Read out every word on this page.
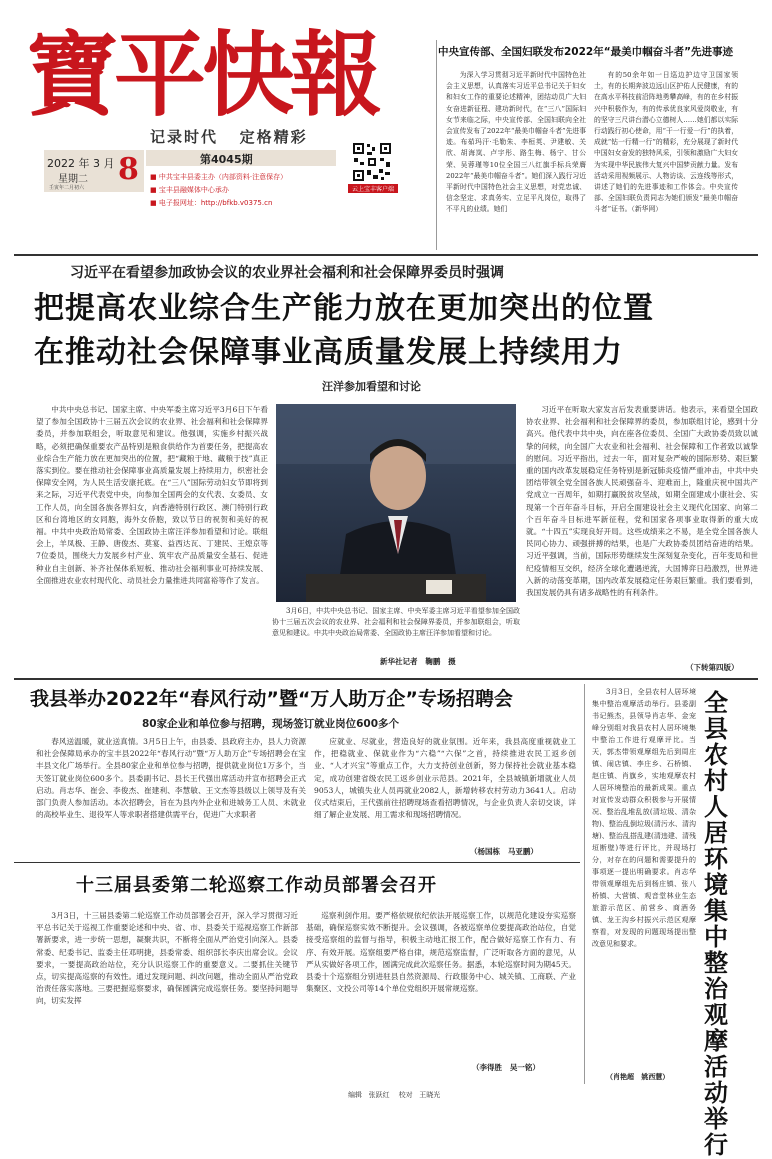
寶平快報
记录时代   定格精彩
2022 年 3 月
星期二
壬寅年二月初六
8	第4045期
■ 中共宝丰县委主办（内部资料·注意保存）
■ 宝丰县融媒体中心承办
■ 电子报网址：http://bfkb.v0375.cn
云上宝丰客户端
中央宣传部、全国妇联发布2022年“最美巾帼奋斗者”先进事迹

为深入学习贯彻习近平新时代中国特色社会主义思想，认真落实习近平总书记关于妇女和妇女工作的重要论述精神，团结动员广大妇女奋进新征程、建功新时代，在“三八”国际妇女节来临之际，中央宣传部、全国妇联向全社会宣传发布了2022年“最美巾帼奋斗者”先进事迹。布茹玛汗·毛勒朱、李桓英、尹建敏、关欣、胡海岚、卢宇彤、路生梅、杨宁、甘公荣、吴蓉瑾等10位全国三八红旗手标兵荣膺2022年“最美巾帼奋斗者”。她们深入践行习近平新时代中国特色社会主义思想，对党忠诚、信念坚定、求真务实、立足平凡岗位，取得了不平凡的业绩。她们

有的50余年如一日巡边护边守卫国家领土，有的长期奔波边远山区护佑人民健康，有的在高水平科技前沿阵地勇攀高峰，有的在乡村振兴中积极作为，有的传承优良家风爱岗敬业，有的坚守三尺讲台潜心立德树人……她们都以实际行动践行初心使命，用“干一行爱一行”的执着，成就“钻一行精一行”的精彩，充分展现了新时代中国妇女奋发的独特风采，引领和激励广大妇女为实现中华民族伟大复兴中国梦贡献力量。发布活动采用视频展示、人物访谈、云连线等形式，讲述了她们的先进事迹和工作体会。中央宣传部、全国妇联负责同志为她们颁发“最美巾帼奋斗者”证书。（新华网）

习近平在看望参加政协会议的农业界社会福利和社会保障界委员时强调
把提高农业综合生产能力放在更加突出的位置
在推动社会保障事业高质量发展上持续用力
汪洋参加看望和讨论

中共中央总书记、国家主席、中央军委主席习近平3月6日下午看望了参加全国政协十三届五次会议的农业界、社会福利和社会保障界委员，并参加联组会，听取意见和建议。他强调，实施乡村振兴战略，必须把确保重要农产品特别是粮食供给作为首要任务，把提高农业综合生产能力放在更加突出的位置，把“藏粮于地、藏粮于技”真正落实到位。要在推动社会保障事业高质量发展上持续用力，织密社会保障安全网，为人民生活安康托底。在“三八”国际劳动妇女节即将到来之际，习近平代表党中央，向参加全国两会的女代表、女委员、女工作人员，向全国各族各界妇女，向香港特别行政区、澳门特别行政区和台湾地区的女同胞，海外女侨胞，致以节日的祝贺和美好的祝福。中共中央政治局常委、全国政协主席汪洋参加看望和讨论。联组会上，羊凤极、王静、唐俊杰、莫宴、益西达瓦、丁建民、王煌京等7位委员，围绕大力发展乡村产业、筑牢农产品质量安全基石、促进种业自主创新、补齐社保体系短板、推动社会福利事业可持续发展、全面推进农业农村现代化、动员社会力量推进共同富裕等作了发言。

3月6日，中共中央总书记、国家主席、中央军委主席习近平看望参加全国政协十三届五次会议的农业界、社会福利和社会保障界委员，并参加联组会，听取意见和建议。中共中央政治局常委、全国政协主席汪洋参加看望和讨论。

新华社记者   鞠鹏   摄

习近平在听取大家发言后发表重要讲话。他表示，来看望全国政协农业界、社会福利和社会保障界的委员，参加联组讨论，感到十分高兴。他代表中共中央，向在座各位委员、全国广大政协委员致以诚挚的问候，向全国广大农业和社会福利、社会保障和工作者致以诚挚的慰问。习近平指出，过去一年，面对复杂严峻的国际形势、艰巨繁重的国内改革发展稳定任务特别是新冠肺炎疫情严重冲击，中共中央团结带领全党全国各族人民顽强奋斗、迎难而上，隆重庆祝中国共产党成立一百周年，如期打赢脱贫攻坚战，如期全面建成小康社会、实现第一个百年奋斗目标，开启全面建设社会主义现代化国家、向第二个百年奋斗目标进军新征程，党和国家各项事业取得新的重大成就。“十四五”实现良好开局。这些成绩来之不易，是全党全国各族人民同心协力、顽强拼搏的结果，也是广大政协委员团结奋进的结果。习近平强调，当前，国际形势继续发生深刻复杂变化，百年变局和世纪疫情相互交织，经济全球化遭遇逆流，大国博弈日趋激烈，世界进入新的动荡变革期，国内改革发展稳定任务艰巨繁重。我们要看到，我国发展仍具有诸多战略性的有利条件。

（下转第四版）
我县举办2022年“春风行动”暨“万人助万企”专场招聘会
80家企业和单位参与招聘，现场签订就业岗位600多个

春风送温暖，就业送真情。3月5日上午，由县委、县政府主办，县人力资源和社会保障局承办的宝丰县2022年“春风行动”暨“万人助万企”专场招聘会在宝丰县文化广场举行。全县80家企业和单位参与招聘，提供就业岗位1万多个，当天签订就业岗位600多个。县委副书记、县长王代强出席活动并宣布招聘会正式启动。肖志华、崔会、李俊杰、崔建利、李慧敏、王文杰等县级以上领导及有关部门负责人参加活动。本次招聘会，旨在为县内外企业和进城务工人员、未就业的高校毕业生、退役军人等求职者搭建供需平台，促进广大求职者

应就业、尽就业，营造良好的就业氛围。近年来，我县高度重视就业工作，把稳就业、保就业作为“六稳”“六保”之首，持续推进农民工返乡创业、“人才兴宝”等重点工作，大力支持创业创新，努力保持社会就业基本稳定，成功创建省级农民工返乡创业示范县。2021年，全县城镇新增就业人员9053人，城镇失业人员再就业2082人，新增转移农村劳动力3641人。启动仪式结束后，王代强前往招聘现场查看招聘情况，与企业负责人亲切交谈，详细了解企业发展、用工需求和现场招聘情况。

（杨国栋   马亚鹏）
十三届县委第二轮巡察工作动员部署会召开

3月3日，十三届县委第二轮巡察工作动员部署会召开，深入学习贯彻习近平总书记关于巡视工作重要论述和中央、省、市、县委关于巡视巡察工作新部署新要求，进一步统一思想，凝聚共识，不断将全面从严治党引向深入。县委常委、纪委书记、监委主任邓明捷，县委常委、组织部长李庆出席会议。会议要求，一要提高政治站位，充分认识巡察工作的重要意义。二要抓住关键节点，切实提高巡察的有效性。通过发现问题、纠改问题，推动全面从严治党政治责任落实落地。三要把握巡察要求，确保圆满完成巡察任务。要坚持问题导向，切实发挥

巡察利剑作用。要严格依规依纪依法开展巡察工作，以规范化建设夯实巡察基础，确保巡察实效不断提升。会议强调，各被巡察单位要提高政治站位，自觉接受巡察组的监督与指导，积极主动地汇报工作，配合做好巡察工作有力、有序、有效开展。巡察组要严格自律，规范巡察监督，广泛听取各方面的意见，从严从实做好各项工作，圆满完成此次巡察任务。据悉，本轮巡察时间为期45天。县委十个巡察组分别进驻县自然资源局、行政服务中心、城关镇、工商联、产业集聚区、文投公司等14个单位党组织开展常规巡察。

（李得胜   吴一铭）

3月3日，全县农村人居环境集中整治观摩活动举行。县委副书记熊杰，县领导肖志华、金宠峰分别组对我县农村人居环境集中整治工作进行观摩评比。当天，郭杰带领观摩组先后到周庄镇、闹店镇、李庄乡、石桥镇、赵庄镇、肖旗乡，实地观摩农村人居环境整治的最新成果。重点对宣传发动群众积极参与开展情况、整治乱堆乱放(清垃圾、清杂物)、整治乱倒垃圾(清污水、清沟塘)、整治乱搭乱建(清违建、清残垣断壁)等进行评比，并现场打分，对存在的问题和需要提升的事项逐一提出明确要求。肖志华带领观摩组先后到杨庄镇、张八桥镇、大营镇、观音堂林业生态旅游示范区、前营乡、商酒务镇、龙王沟乡村振兴示范区观摩察看，对发现的问题现场提出整改意见和要求。

（肖艳超   姚西慧）
全县农村人居环境集中整治观摩活动举行
编辑   张跃红    校对   王晓光
